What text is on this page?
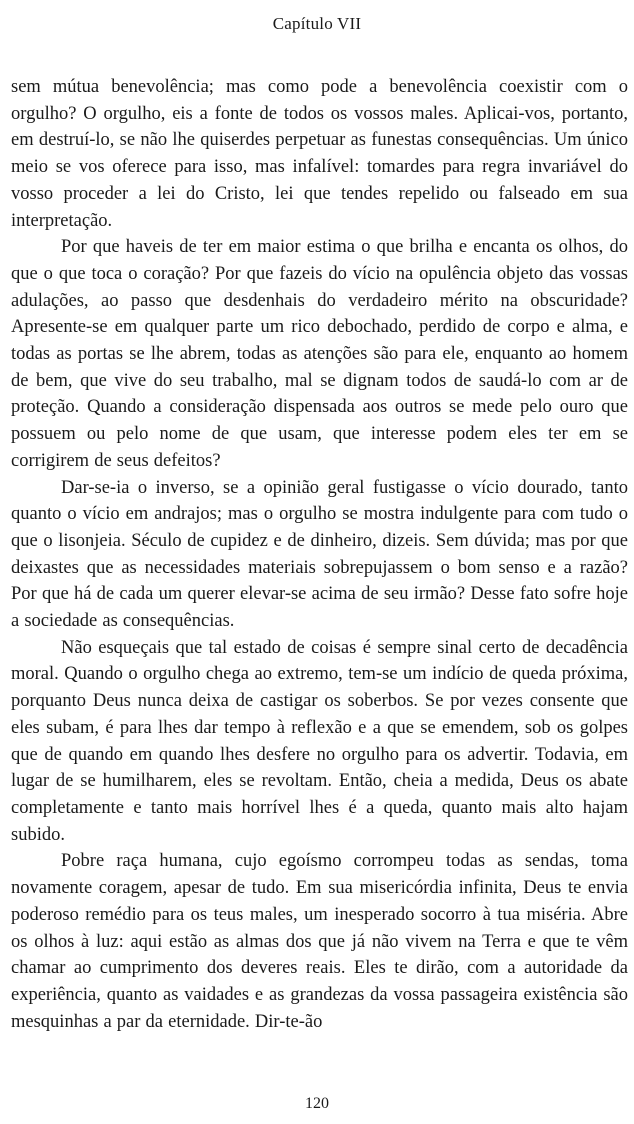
Capítulo VII

sem mútua benevolência; mas como pode a benevolência coexistir com o orgulho? O orgulho, eis a fonte de todos os vossos males. Aplicai-vos, portanto, em destruí-lo, se não lhe quiserdes perpetuar as funestas consequências. Um único meio se vos oferece para isso, mas infalível: tomardes para regra invariável do vosso proceder a lei do Cristo, lei que tendes repelido ou falseado em sua interpretação.

Por que haveis de ter em maior estima o que brilha e encanta os olhos, do que o que toca o coração? Por que fazeis do vício na opulência objeto das vossas adulações, ao passo que desdenhais do verdadeiro mérito na obscuridade? Apresente-se em qualquer parte um rico debochado, perdido de corpo e alma, e todas as portas se lhe abrem, todas as atenções são para ele, enquanto ao homem de bem, que vive do seu trabalho, mal se dignam todos de saudá-lo com ar de proteção. Quando a consideração dispensada aos outros se mede pelo ouro que possuem ou pelo nome de que usam, que interesse podem eles ter em se corrigirem de seus defeitos?

Dar-se-ia o inverso, se a opinião geral fustigasse o vício dourado, tanto quanto o vício em andrajos; mas o orgulho se mostra indulgente para com tudo o que o lisonjeia. Século de cupidez e de dinheiro, dizeis. Sem dúvida; mas por que deixastes que as necessidades materiais sobrepujassem o bom senso e a razão? Por que há de cada um querer elevar-se acima de seu irmão? Desse fato sofre hoje a sociedade as consequências.

Não esqueçais que tal estado de coisas é sempre sinal certo de decadência moral. Quando o orgulho chega ao extremo, tem-se um indício de queda próxima, porquanto Deus nunca deixa de castigar os soberbos. Se por vezes consente que eles subam, é para lhes dar tempo à reflexão e a que se emendem, sob os golpes que de quando em quando lhes desfere no orgulho para os advertir. Todavia, em lugar de se humilharem, eles se revoltam. Então, cheia a medida, Deus os abate completamente e tanto mais horrível lhes é a queda, quanto mais alto hajam subido.

Pobre raça humana, cujo egoísmo corrompeu todas as sendas, toma novamente coragem, apesar de tudo. Em sua misericórdia infinita, Deus te envia poderoso remédio para os teus males, um inesperado socorro à tua miséria. Abre os olhos à luz: aqui estão as almas dos que já não vivem na Terra e que te vêm chamar ao cumprimento dos deveres reais. Eles te dirão, com a autoridade da experiência, quanto as vaidades e as grandezas da vossa passageira existência são mesquinhas a par da eternidade. Dir-te-ão

120
